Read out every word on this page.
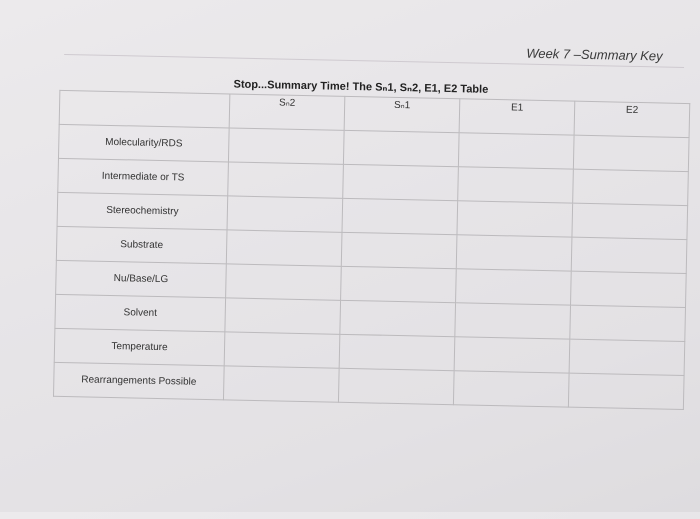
Week 7 –Summary Key
Stop...Summary Time! The Sₙ1, Sₙ2, E1, E2 Table
	Sₙ2	Sₙ1	E1	E2
Molecularity/RDS				
Intermediate or TS				
Stereochemistry				
Substrate				
Nu/Base/LG				
Solvent				
Temperature				
Rearrangements Possible				
